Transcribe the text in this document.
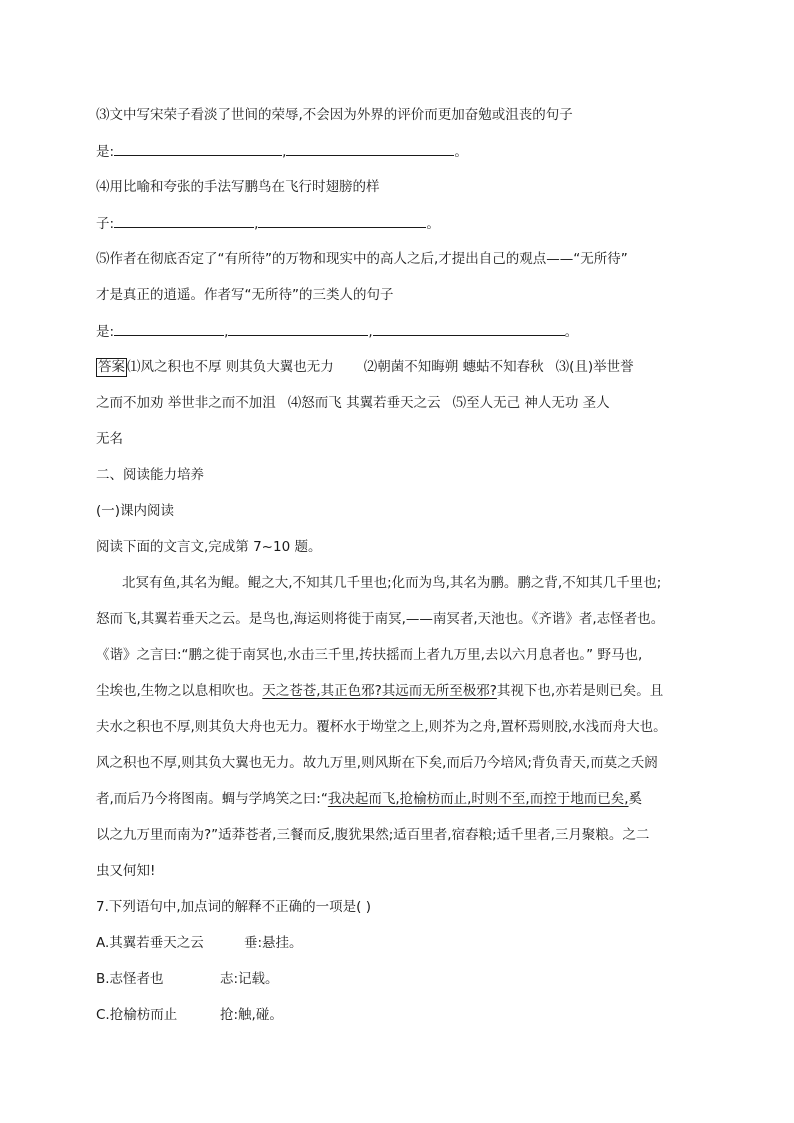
⑶文中写宋荣子看淡了世间的荣辱,不会因为外界的评价而更加奋勉或沮丧的句子
是:	,	。
⑷用比喻和夸张的手法写鹏鸟在飞行时翅膀的样
子:	,	。
⑸作者在彻底否定了“有所待”的万物和现实中的高人之后,才提出自己的观点——“无所待”
才是真正的逍遥。作者写“无所待”的三类人的句子
是:	,	,	。
答案 ⑴风之积也不厚 则其负大翼也无力 ⑵朝菌不知晦朔 蟪蛄不知春秋 ⑶(且)举世誉
之而不加劝 举世非之而不加沮 ⑷怒而飞 其翼若垂天之云 ⑸至人无己 神人无功 圣人
无名
二、阅读能力培养
(一)课内阅读
阅读下面的文言文,完成第 7~10 题。
北冥有鱼,其名为鲲。鲲之大,不知其几千里也;化而为鸟,其名为鹏。鹏之背,不知其几千里也;
怒而飞,其翼若垂天之云。是鸟也,海运则将徙于南冥,——南冥者,天池也。《齐谐》者,志怪者也。
《谐》之言曰:“鹏之徙于南冥也,水击三千里,抟扶摇而上者九万里,去以六月息者也。” 野马也,
尘埃也,生物之以息相吹也。天之苍苍,其正色邪?其远而无所至极邪?其视下也,亦若是则已矣。且
夫水之积也不厚,则其负大舟也无力。覆杯水于坳堂之上,则芥为之舟,置杯焉则胶,水浅而舟大也。
风之积也不厚,则其负大翼也无力。故九万里,则风斯在下矣,而后乃今培风;背负青天,而莫之夭阏
者,而后乃今将图南。蜩与学鸠笑之曰:“我决起而飞,抢榆枋而止,时则不至,而控于地而已矣,奚
以之九万里而南为?”适莽苍者,三餐而反,腹犹果然;适百里者,宿舂粮;适千里者,三月聚粮。之二
虫又何知!
7.下列语句中,加点词的解释不正确的一项是( )
A.其翼若垂天之云	垂:悬挂。
B.志怪者也	志:记载。
C.抢榆枋而止	抢:触,碰。
